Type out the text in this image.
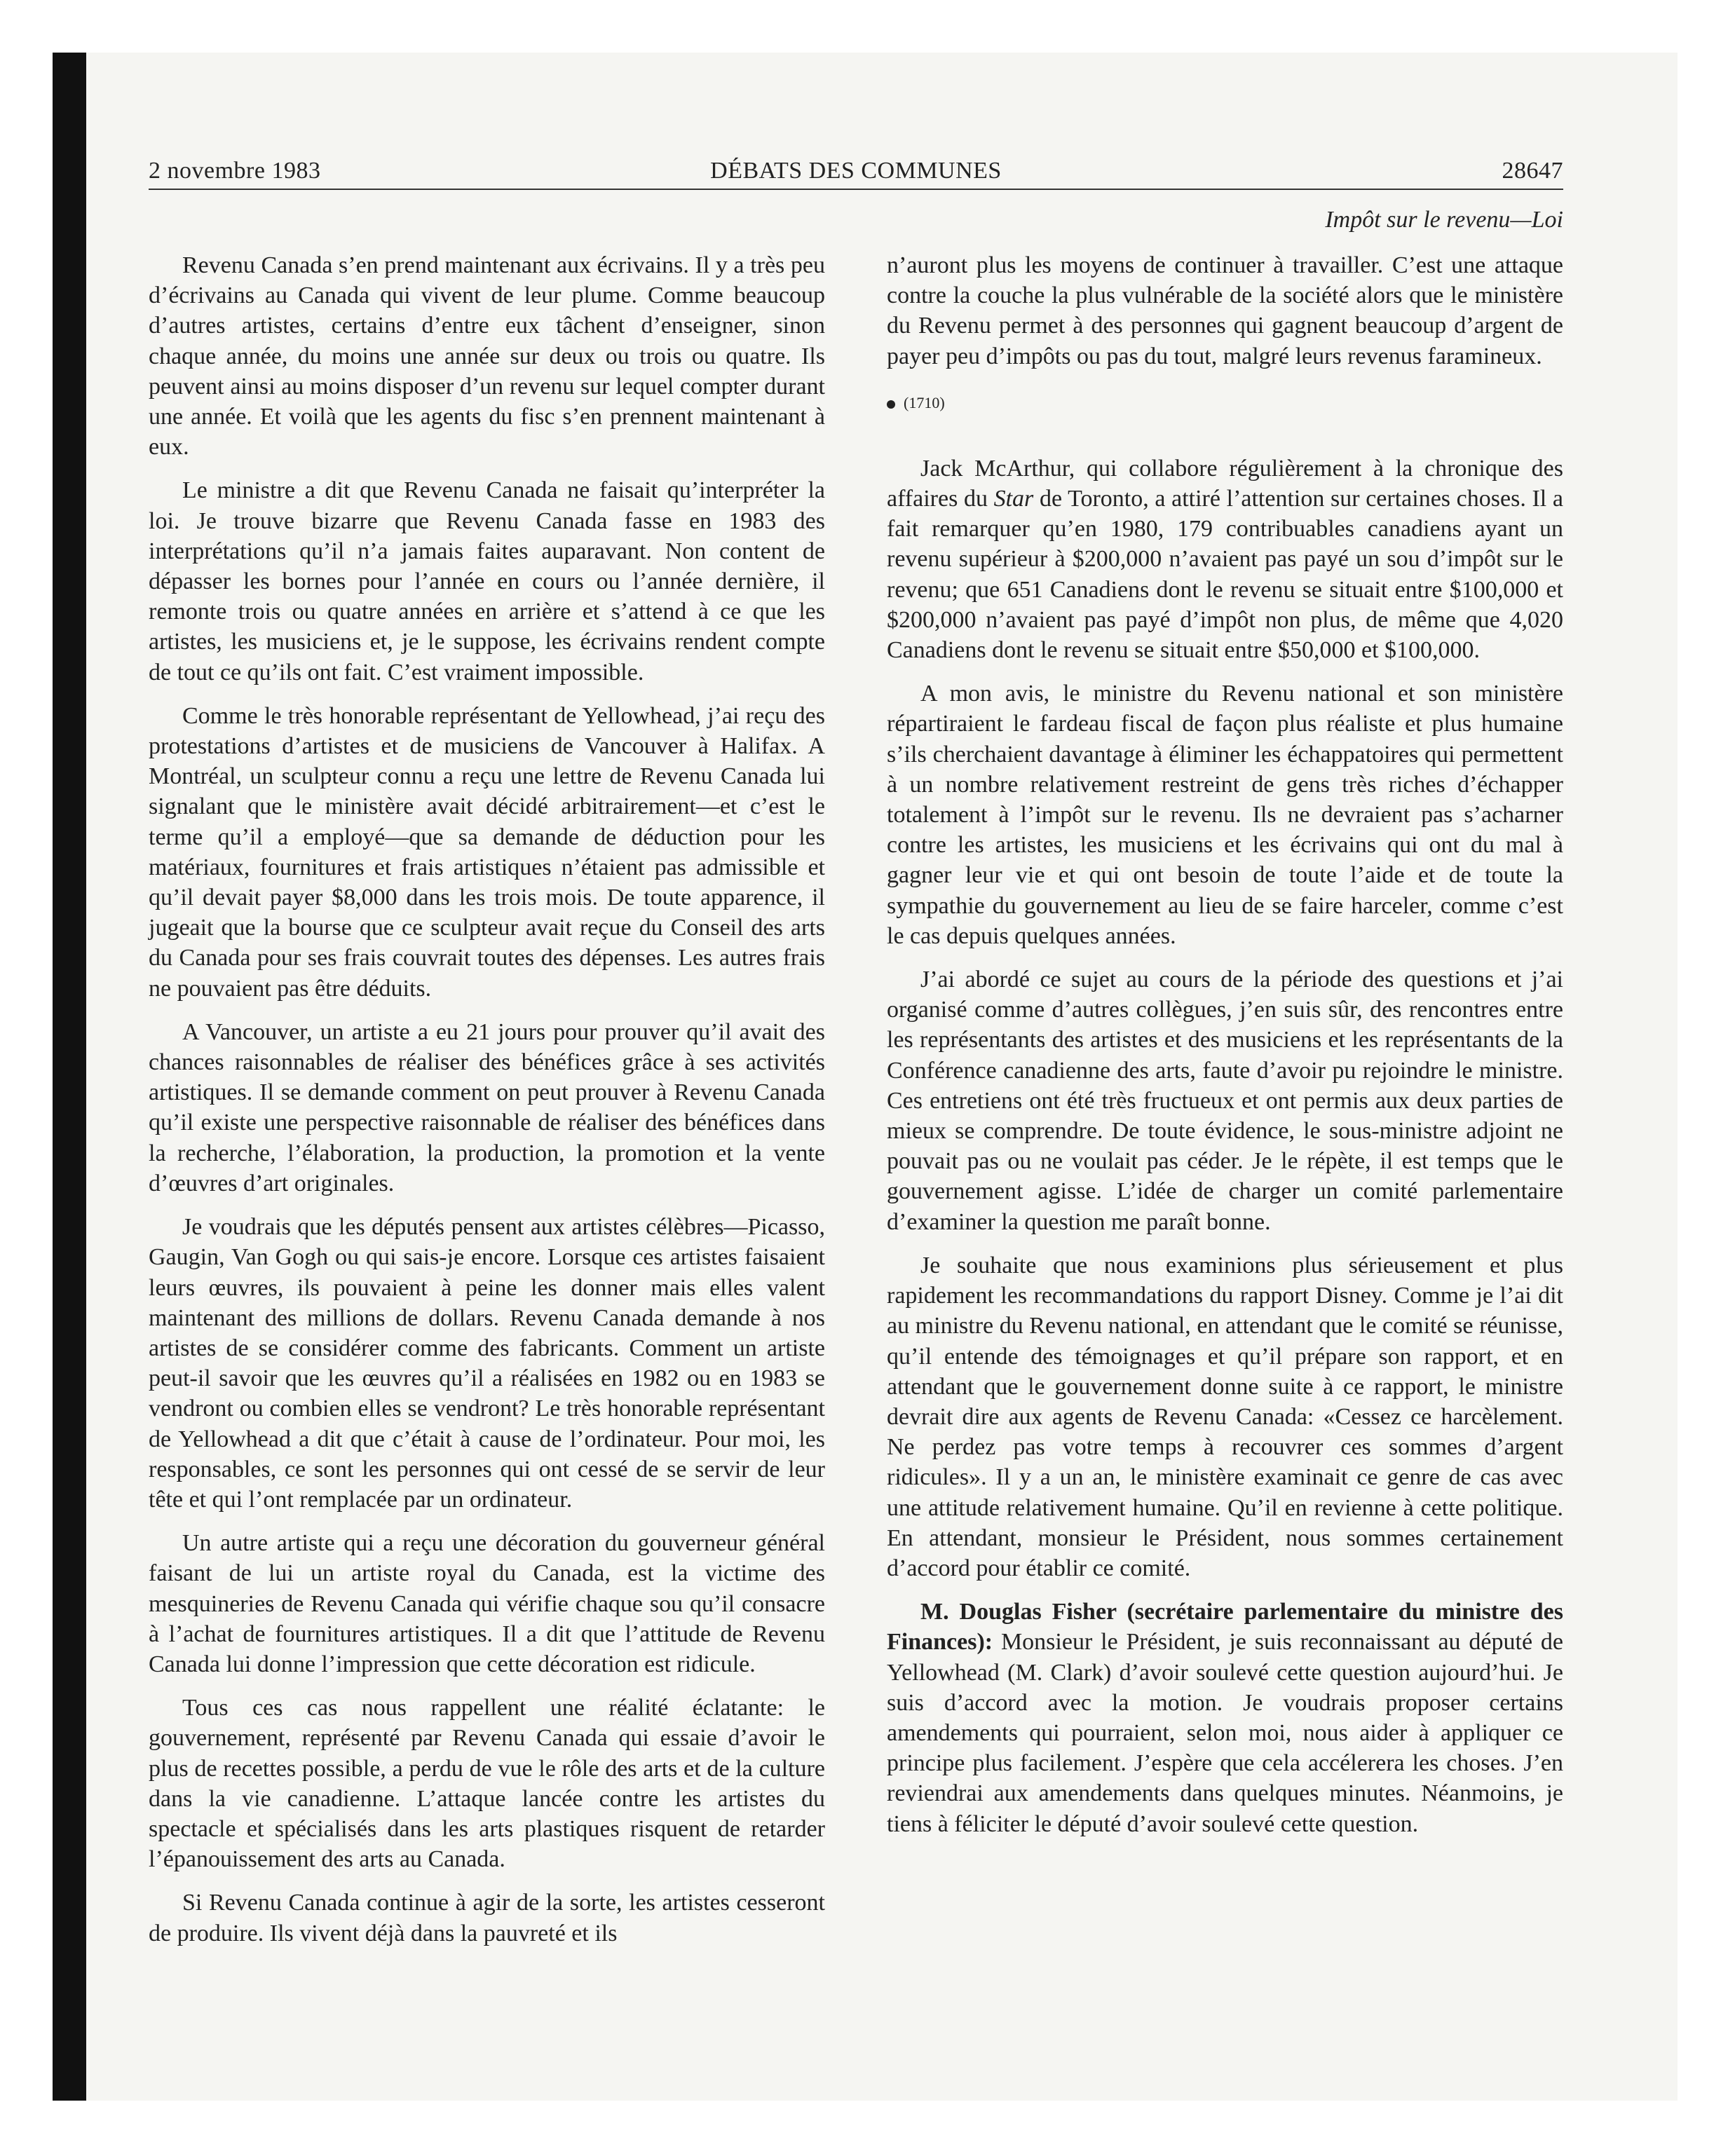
2 novembre 1983	DÉBATS DES COMMUNES	28647
Impôt sur le revenu—Loi

Revenu Canada s’en prend maintenant aux écrivains. Il y a très peu d’écrivains au Canada qui vivent de leur plume. Comme beaucoup d’autres artistes, certains d’entre eux tâchent d’enseigner, sinon chaque année, du moins une année sur deux ou trois ou quatre. Ils peuvent ainsi au moins disposer d’un revenu sur lequel compter durant une année. Et voilà que les agents du fisc s’en prennent maintenant à eux.

Le ministre a dit que Revenu Canada ne faisait qu’interpréter la loi. Je trouve bizarre que Revenu Canada fasse en 1983 des interprétations qu’il n’a jamais faites auparavant. Non content de dépasser les bornes pour l’année en cours ou l’année dernière, il remonte trois ou quatre années en arrière et s’attend à ce que les artistes, les musiciens et, je le suppose, les écrivains rendent compte de tout ce qu’ils ont fait. C’est vraiment impossible.

Comme le très honorable représentant de Yellowhead, j’ai reçu des protestations d’artistes et de musiciens de Vancouver à Halifax. A Montréal, un sculpteur connu a reçu une lettre de Revenu Canada lui signalant que le ministère avait décidé arbitrairement—et c’est le terme qu’il a employé—que sa demande de déduction pour les matériaux, fournitures et frais artistiques n’étaient pas admissible et qu’il devait payer $8,000 dans les trois mois. De toute apparence, il jugeait que la bourse que ce sculpteur avait reçue du Conseil des arts du Canada pour ses frais couvrait toutes des dépenses. Les autres frais ne pouvaient pas être déduits.

A Vancouver, un artiste a eu 21 jours pour prouver qu’il avait des chances raisonnables de réaliser des bénéfices grâce à ses activités artistiques. Il se demande comment on peut prouver à Revenu Canada qu’il existe une perspective raisonnable de réaliser des bénéfices dans la recherche, l’élaboration, la production, la promotion et la vente d’œuvres d’art originales.

Je voudrais que les députés pensent aux artistes célèbres—Picasso, Gaugin, Van Gogh ou qui sais-je encore. Lorsque ces artistes faisaient leurs œuvres, ils pouvaient à peine les donner mais elles valent maintenant des millions de dollars. Revenu Canada demande à nos artistes de se considérer comme des fabricants. Comment un artiste peut-il savoir que les œuvres qu’il a réalisées en 1982 ou en 1983 se vendront ou combien elles se vendront? Le très honorable représentant de Yellowhead a dit que c’était à cause de l’ordinateur. Pour moi, les responsables, ce sont les personnes qui ont cessé de se servir de leur tête et qui l’ont remplacée par un ordinateur.

Un autre artiste qui a reçu une décoration du gouverneur général faisant de lui un artiste royal du Canada, est la victime des mesquineries de Revenu Canada qui vérifie chaque sou qu’il consacre à l’achat de fournitures artistiques. Il a dit que l’attitude de Revenu Canada lui donne l’impression que cette décoration est ridicule.

Tous ces cas nous rappellent une réalité éclatante: le gouvernement, représenté par Revenu Canada qui essaie d’avoir le plus de recettes possible, a perdu de vue le rôle des arts et de la culture dans la vie canadienne. L’attaque lancée contre les artistes du spectacle et spécialisés dans les arts plastiques risquent de retarder l’épanouissement des arts au Canada.

Si Revenu Canada continue à agir de la sorte, les artistes cesseront de produire. Ils vivent déjà dans la pauvreté et ils

n’auront plus les moyens de continuer à travailler. C’est une attaque contre la couche la plus vulnérable de la société alors que le ministère du Revenu permet à des personnes qui gagnent beaucoup d’argent de payer peu d’impôts ou pas du tout, malgré leurs revenus faramineux.

(1710)

Jack McArthur, qui collabore régulièrement à la chronique des affaires du Star de Toronto, a attiré l’attention sur certaines choses. Il a fait remarquer qu’en 1980, 179 contribuables canadiens ayant un revenu supérieur à $200,000 n’avaient pas payé un sou d’impôt sur le revenu; que 651 Canadiens dont le revenu se situait entre $100,000 et $200,000 n’avaient pas payé d’impôt non plus, de même que 4,020 Canadiens dont le revenu se situait entre $50,000 et $100,000.

A mon avis, le ministre du Revenu national et son ministère répartiraient le fardeau fiscal de façon plus réaliste et plus humaine s’ils cherchaient davantage à éliminer les échappatoires qui permettent à un nombre relativement restreint de gens très riches d’échapper totalement à l’impôt sur le revenu. Ils ne devraient pas s’acharner contre les artistes, les musiciens et les écrivains qui ont du mal à gagner leur vie et qui ont besoin de toute l’aide et de toute la sympathie du gouvernement au lieu de se faire harceler, comme c’est le cas depuis quelques années.

J’ai abordé ce sujet au cours de la période des questions et j’ai organisé comme d’autres collègues, j’en suis sûr, des rencontres entre les représentants des artistes et des musiciens et les représentants de la Conférence canadienne des arts, faute d’avoir pu rejoindre le ministre. Ces entretiens ont été très fructueux et ont permis aux deux parties de mieux se comprendre. De toute évidence, le sous-ministre adjoint ne pouvait pas ou ne voulait pas céder. Je le répète, il est temps que le gouvernement agisse. L’idée de charger un comité parlementaire d’examiner la question me paraît bonne.

Je souhaite que nous examinions plus sérieusement et plus rapidement les recommandations du rapport Disney. Comme je l’ai dit au ministre du Revenu national, en attendant que le comité se réunisse, qu’il entende des témoignages et qu’il prépare son rapport, et en attendant que le gouvernement donne suite à ce rapport, le ministre devrait dire aux agents de Revenu Canada: «Cessez ce harcèlement. Ne perdez pas votre temps à recouvrer ces sommes d’argent ridicules». Il y a un an, le ministère examinait ce genre de cas avec une attitude relativement humaine. Qu’il en revienne à cette politique. En attendant, monsieur le Président, nous sommes certainement d’accord pour établir ce comité.

M. Douglas Fisher (secrétaire parlementaire du ministre des Finances): Monsieur le Président, je suis reconnaissant au député de Yellowhead (M. Clark) d’avoir soulevé cette question aujourd’hui. Je suis d’accord avec la motion. Je voudrais proposer certains amendements qui pourraient, selon moi, nous aider à appliquer ce principe plus facilement. J’espère que cela accélerera les choses. J’en reviendrai aux amendements dans quelques minutes. Néanmoins, je tiens à féliciter le député d’avoir soulevé cette question.
